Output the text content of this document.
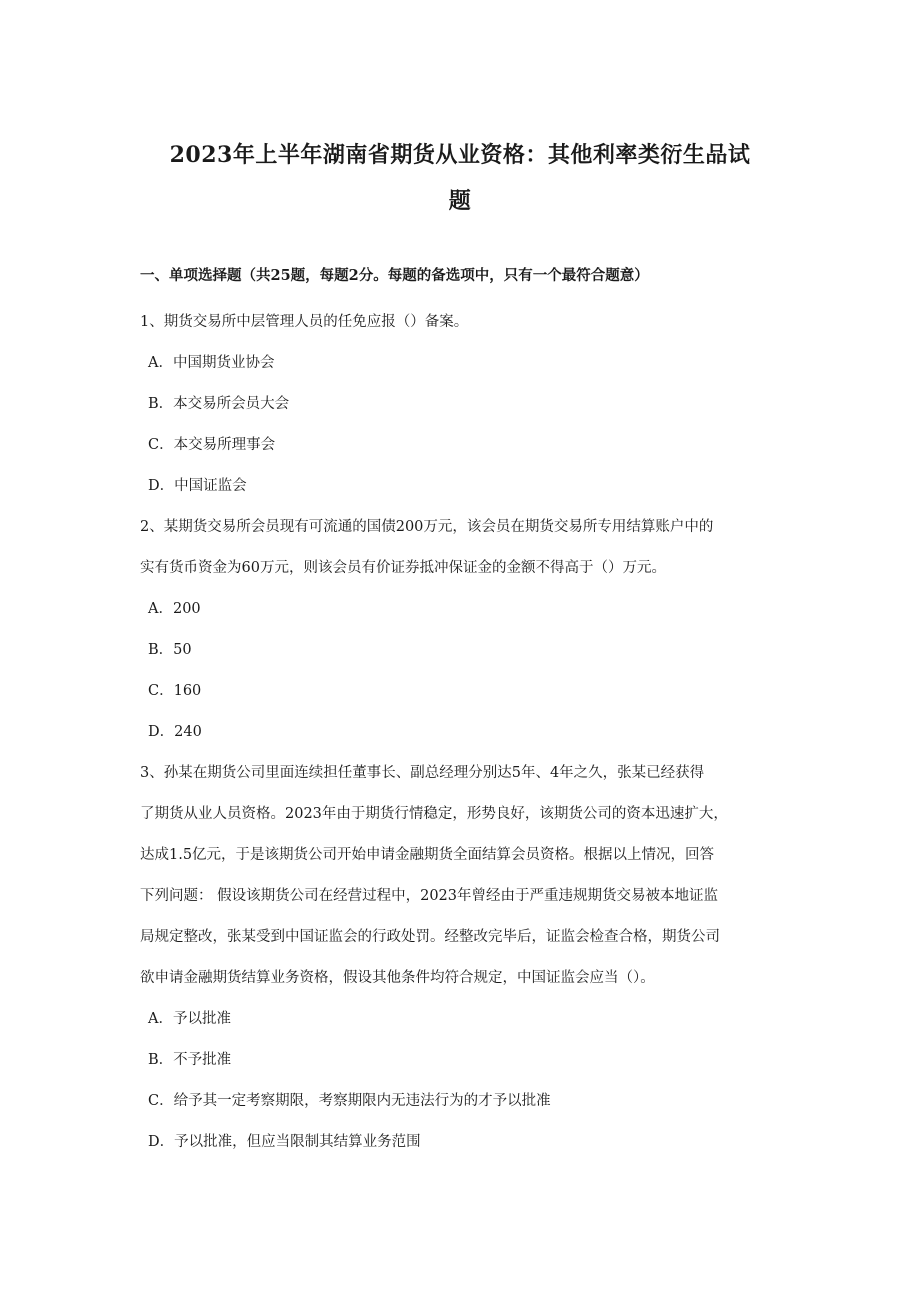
2023年上半年湖南省期货从业资格：其他利率类衍生品试
题
一、单项选择题（共25题，每题2分。每题的备选项中，只有一个最符合题意）

1、期货交易所中层管理人员的任免应报（）备案。

A．中国期货业协会

B．本交易所会员大会

C．本交易所理事会

D．中国证监会

2、某期货交易所会员现有可流通的国债200万元，该会员在期货交易所专用结算账户中的

实有货币资金为60万元，则该会员有价证券抵冲保证金的金额不得高于（）万元。

A．200

B．50

C．160

D．240

3、孙某在期货公司里面连续担任董事长、副总经理分别达5年、4年之久，张某已经获得

了期货从业人员资格。2023年由于期货行情稳定，形势良好，该期货公司的资本迅速扩大，

达成1.5亿元，于是该期货公司开始申请金融期货全面结算会员资格。根据以上情况，回答

下列问题： 假设该期货公司在经营过程中，2023年曾经由于严重违规期货交易被本地证监

局规定整改，张某受到中国证监会的行政处罚。经整改完毕后，证监会检查合格，期货公司

欲申请金融期货结算业务资格，假设其他条件均符合规定，中国证监会应当（）。

A．予以批准

B．不予批准

C．给予其一定考察期限，考察期限内无违法行为的才予以批准

D．予以批准，但应当限制其结算业务范围
